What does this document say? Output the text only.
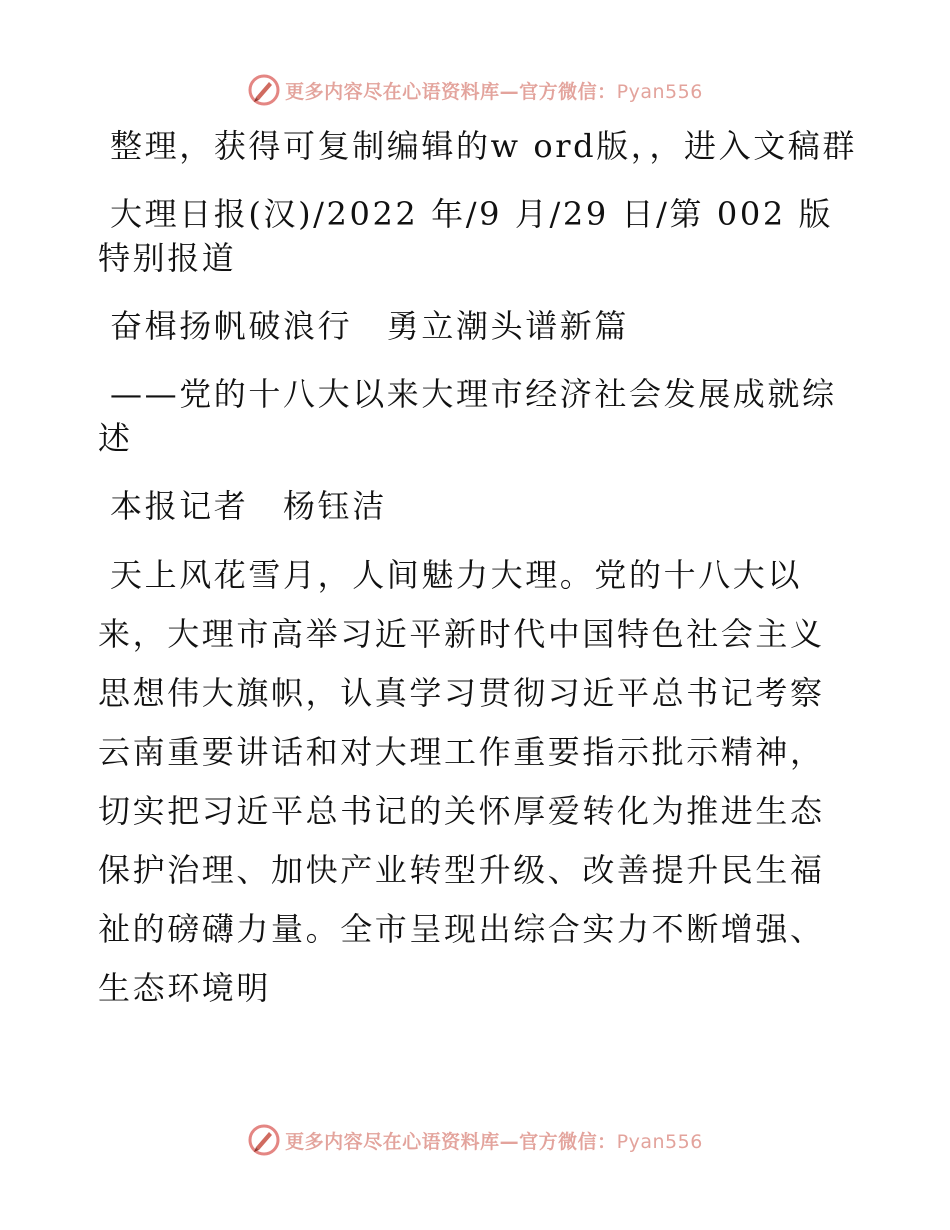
更多内容尽在心语资料库—官方微信：Pyan556

整理，获得可复制编辑的w ord版，，进入文稿群

大理日报(汉)/2022 年/9 月/29 日/第 002 版特别报道

奋楫扬帆破浪行　勇立潮头谱新篇

——党的十八大以来大理市经济社会发展成就综述

本报记者　杨钰洁

天上风花雪月，人间魅力大理。党的十八大以来，大理市高举习近平新时代中国特色社会主义思想伟大旗帜，认真学习贯彻习近平总书记考察云南重要讲话和对大理工作重要指示批示精神，切实把习近平总书记的关怀厚爱转化为推进生态保护治理、加快产业转型升级、改善提升民生福祉的磅礴力量。全市呈现出综合实力不断增强、生态环境明

更多内容尽在心语资料库—官方微信：Pyan556
